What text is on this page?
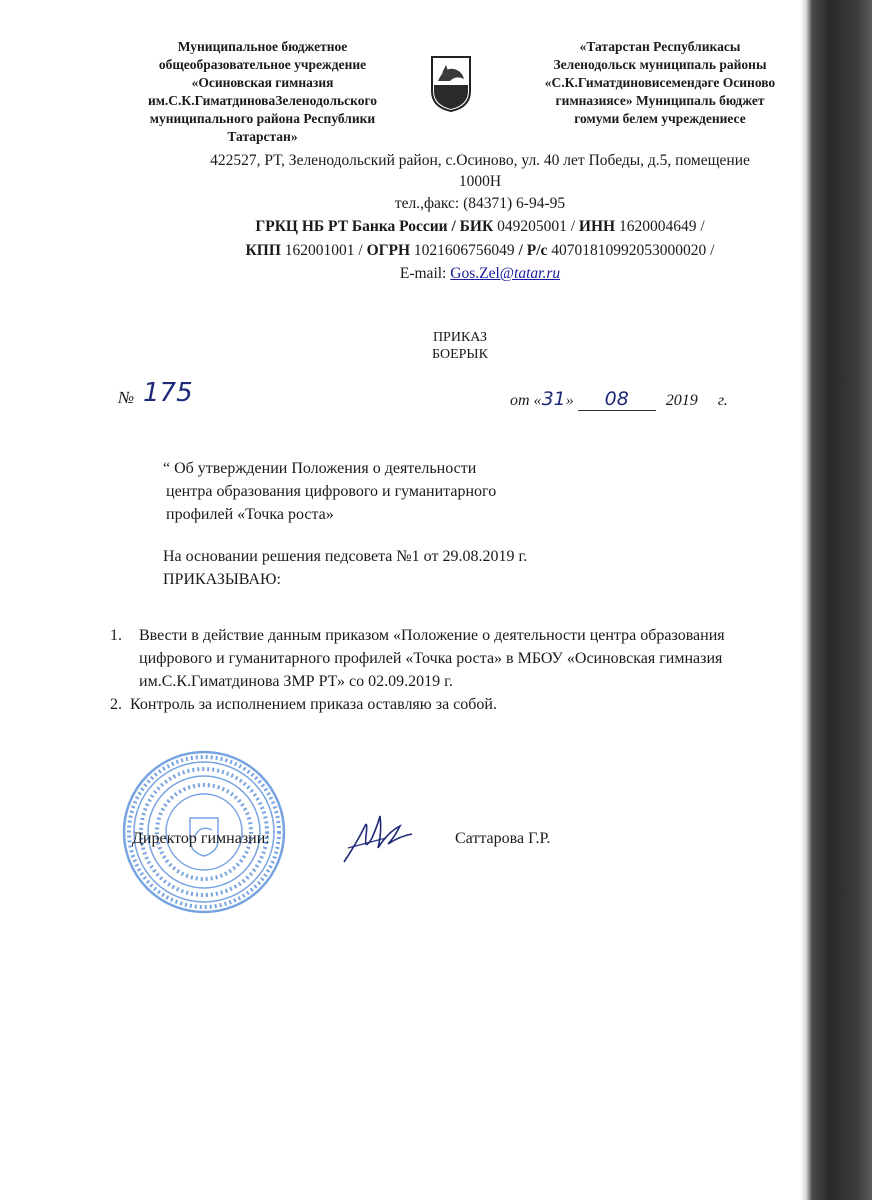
Муниципальное бюджетное
общеобразовательное учреждение
«Осиновская гимназия
им.С.К.ГиматдиноваЗеленодольского
муниципального района Республики
Татарстан»
«Татарстан Республикасы
Зеленодольск муниципаль районы
«С.К.Гиматдиновисемендәге Осиново
гимназиясе» Муниципаль бюджет
гомуми белем учреждениесе
422527, РТ, Зеленодольский район, с.Осиново, ул. 40 лет Победы, д.5, помещение
1000Н
тел.,факс: (84371) 6-94-95
ГРКЦ НБ РТ Банка России / БИК 049205001 / ИНН 1620004649 /
КПП 162001001 / ОГРН 1021606756049 / Р/с 40701810992053000020 /
E-mail: Gos.Zel@tatar.ru
ПРИКАЗ
БОЕРЫК
№ 175	от «31» 08 2019 г.
“ Об утверждении Положения о деятельности
центра образования цифрового и гуманитарного
профилей «Точка роста»
На основании решения педсовета №1 от 29.08.2019 г.
ПРИКАЗЫВАЮ:
1. Ввести в действие данным приказом «Положение о деятельности центра образования цифрового и гуманитарного профилей «Точка роста» в МБОУ «Осиновская гимназия им.С.К.Гиматдинова ЗМР РТ» со 02.09.2019 г.
2. Контроль за исполнением приказа оставляю за собой.
Директор гимназии:	Саттарова Г.Р.
